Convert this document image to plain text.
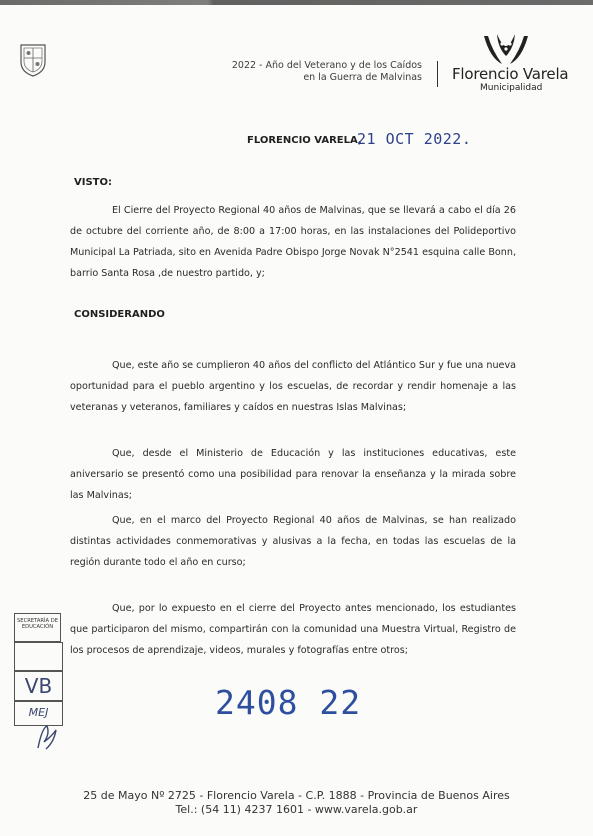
2022 - Año del Veterano y de los Caídos
en la Guerra de Malvinas Florencio Varela
Municipalidad
FLORENCIO VARELA,
21 OCT 2022.
VISTO:
El Cierre del Proyecto Regional 40 años de Malvinas, que se llevará a cabo el día 26 de octubre del corriente año, de 8:00 a 17:00 horas, en las instalaciones del Polideportivo Municipal La Patriada, sito en Avenida Padre Obispo Jorge Novak N°2541 esquina calle Bonn, barrio Santa Rosa ,de nuestro partido, y;
CONSIDERANDO
Que, este año se cumplieron 40 años del conflicto del Atlántico Sur y fue una nueva oportunidad para el pueblo argentino y los escuelas, de recordar y rendir homenaje a las veteranas y veteranos, familiares y caídos en nuestras Islas Malvinas;
Que, desde el Ministerio de Educación y las instituciones educativas, este aniversario se presentó como una posibilidad para renovar la enseñanza y la mirada sobre las Malvinas;
Que, en el marco del Proyecto Regional 40 años de Malvinas, se han realizado distintas actividades conmemorativas y alusivas a la fecha, en todas las escuelas de la región durante todo el año en curso;
Que, por lo expuesto en el cierre del Proyecto antes mencionado, los estudiantes que participaron del mismo, compartirán con la comunidad una Muestra Virtual, Registro de los procesos de aprendizaje, videos, murales y fotografías entre otros;
SECRETARÍA DE
EDUCACIÓN
VB
MEJ	2408 22
25 de Mayo Nº 2725 - Florencio Varela - C.P. 1888 - Provincia de Buenos Aires
Tel.: (54 11) 4237 1601 - www.varela.gob.ar
